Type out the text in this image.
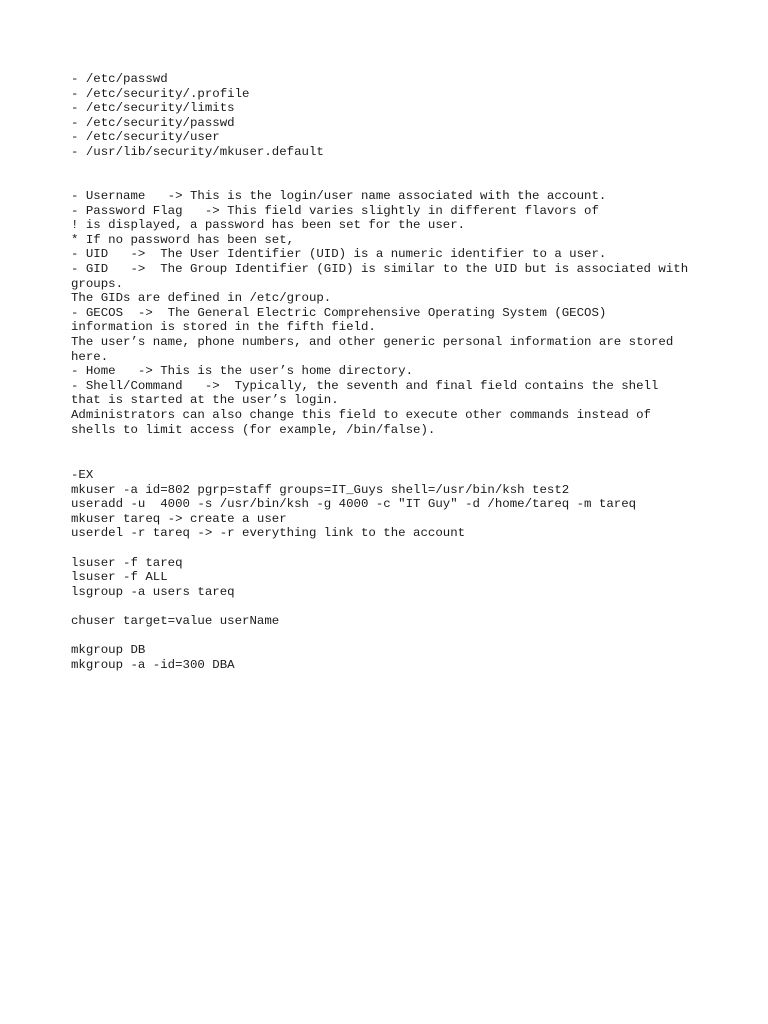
- /etc/passwd
- /etc/security/.profile
- /etc/security/limits
- /etc/security/passwd
- /etc/security/user
- /usr/lib/security/mkuser.default
- Username   -> This is the login/user name associated with the account.
- Password Flag   -> This field varies slightly in different flavors of
! is displayed, a password has been set for the user.
* If no password has been set,
- UID   ->  The User Identifier (UID) is a numeric identifier to a user.
- GID   ->  The Group Identifier (GID) is similar to the UID but is associated with
groups.
The GIDs are defined in /etc/group.
- GECOS  ->  The General Electric Comprehensive Operating System (GECOS)
information is stored in the fifth field.
The user’s name, phone numbers, and other generic personal information are stored
here.
- Home   -> This is the user’s home directory.
- Shell/Command   ->  Typically, the seventh and final field contains the shell
that is started at the user’s login.
Administrators can also change this field to execute other commands instead of
shells to limit access (for example, /bin/false).
-EX
mkuser -a id=802 pgrp=staff groups=IT_Guys shell=/usr/bin/ksh test2
useradd -u  4000 -s /usr/bin/ksh -g 4000 -c "IT Guy" -d /home/tareq -m tareq
mkuser tareq -> create a user
userdel -r tareq -> -r everything link to the account
lsuser -f tareq
lsuser -f ALL
lsgroup -a users tareq
chuser target=value userName
mkgroup DB
mkgroup -a -id=300 DBA
